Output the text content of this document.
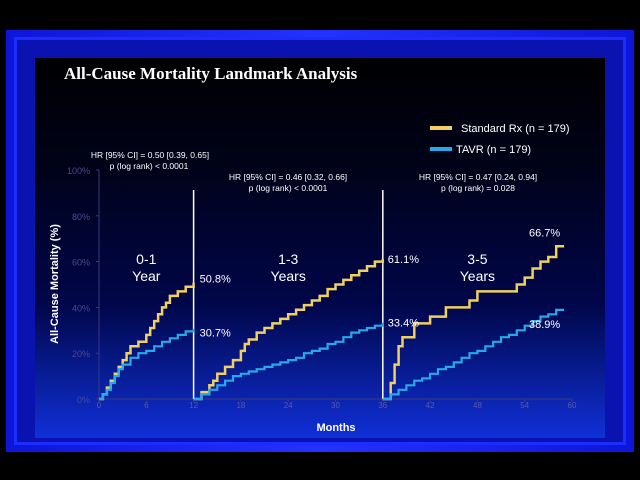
All-Cause Mortality Landmark Analysis
Standard Rx (n = 179)
TAVR (n = 179)
HR [95% CI] = 0.50 [0.39, 0.65]
p (log rank) < 0.0001
HR [95% CI] = 0.46 [0.32, 0.66]
p (log rank) < 0.0001
HR [95% CI] = 0.47 [0.24, 0.94]
p (log rank) = 0.028
All-Cause Mortality (%)
Months
0%
20%
40%
60%
80%
100%
0	6	12	18	24	30	36	42	48	54	60
0-1
Year
1-3
Years
3-5
Years
50.8%
30.7%
61.1%
33.4%
66.7%
38.9%
